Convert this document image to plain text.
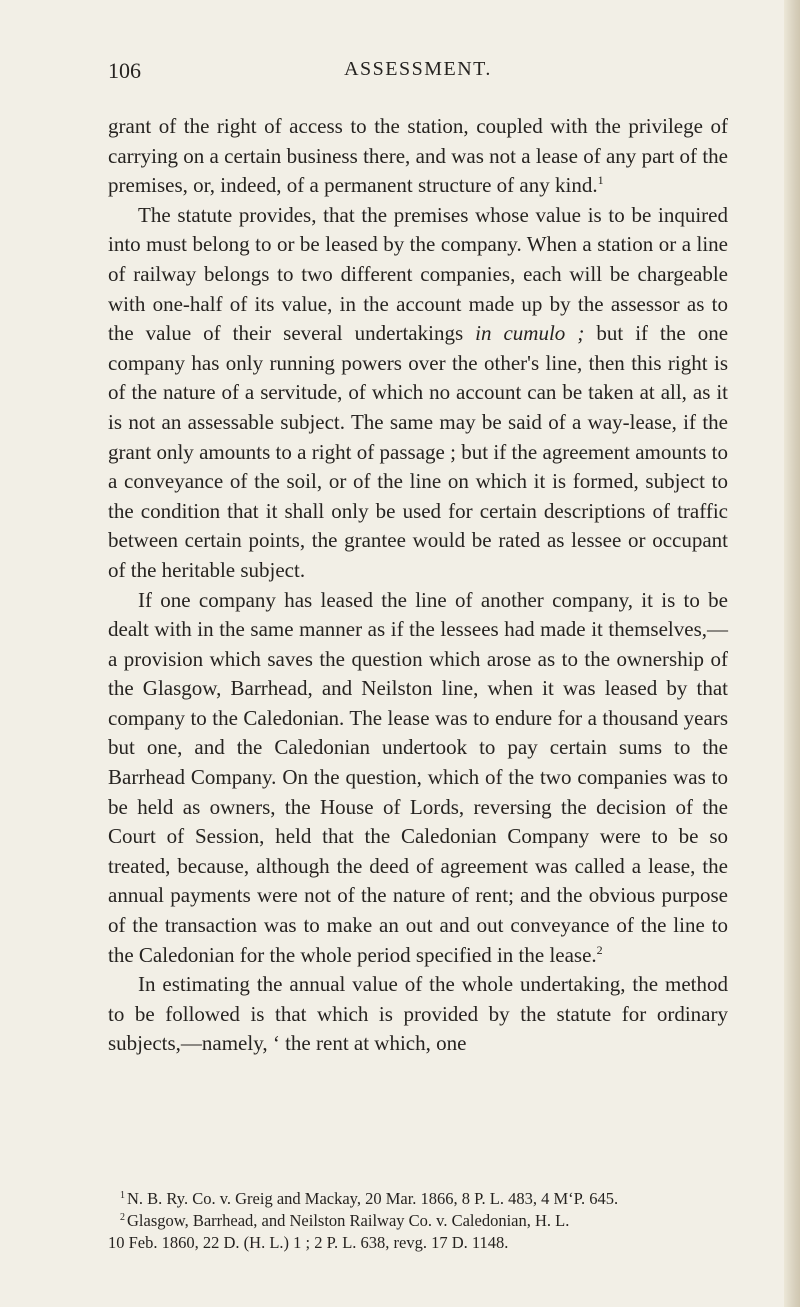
106	ASSESSMENT.

grant of the right of access to the station, coupled with the privilege of carrying on a certain business there, and was not a lease of any part of the premises, or, indeed, of a permanent structure of any kind.$^1$

The statute provides, that the premises whose value is to be inquired into must belong to or be leased by the company. When a station or a line of railway belongs to two different companies, each will be chargeable with one-half of its value, in the account made up by the assessor as to the value of their several undertakings in cumulo ; but if the one company has only running powers over the other's line, then this right is of the nature of a servitude, of which no account can be taken at all, as it is not an assessable subject. The same may be said of a way-lease, if the grant only amounts to a right of passage ; but if the agreement amounts to a conveyance of the soil, or of the line on which it is formed, subject to the condition that it shall only be used for certain descriptions of traffic between certain points, the grantee would be rated as lessee or occupant of the heritable subject.

If one company has leased the line of another company, it is to be dealt with in the same manner as if the lessees had made it themselves,—a provision which saves the question which arose as to the ownership of the Glasgow, Barrhead, and Neilston line, when it was leased by that company to the Caledonian. The lease was to endure for a thousand years but one, and the Caledonian undertook to pay certain sums to the Barrhead Company. On the question, which of the two companies was to be held as owners, the House of Lords, reversing the decision of the Court of Session, held that the Caledonian Company were to be so treated, because, although the deed of agreement was called a lease, the annual payments were not of the nature of rent; and the obvious purpose of the transaction was to make an out and out conveyance of the line to the Caledonian for the whole period specified in the lease.$^2$

In estimating the annual value of the whole undertaking, the method to be followed is that which is provided by the statute for ordinary subjects,—namely, ‘ the rent at which, one

$^1$ N. B. Ry. Co. v. Greig and Mackay, 20 Mar. 1866, 8 P. L. 483, 4 M‘P. 645.

$^2$ Glasgow, Barrhead, and Neilston Railway Co. v. Caledonian, H. L.

10 Feb. 1860, 22 D. (H. L.) 1 ; 2 P. L. 638, revg. 17 D. 1148.
